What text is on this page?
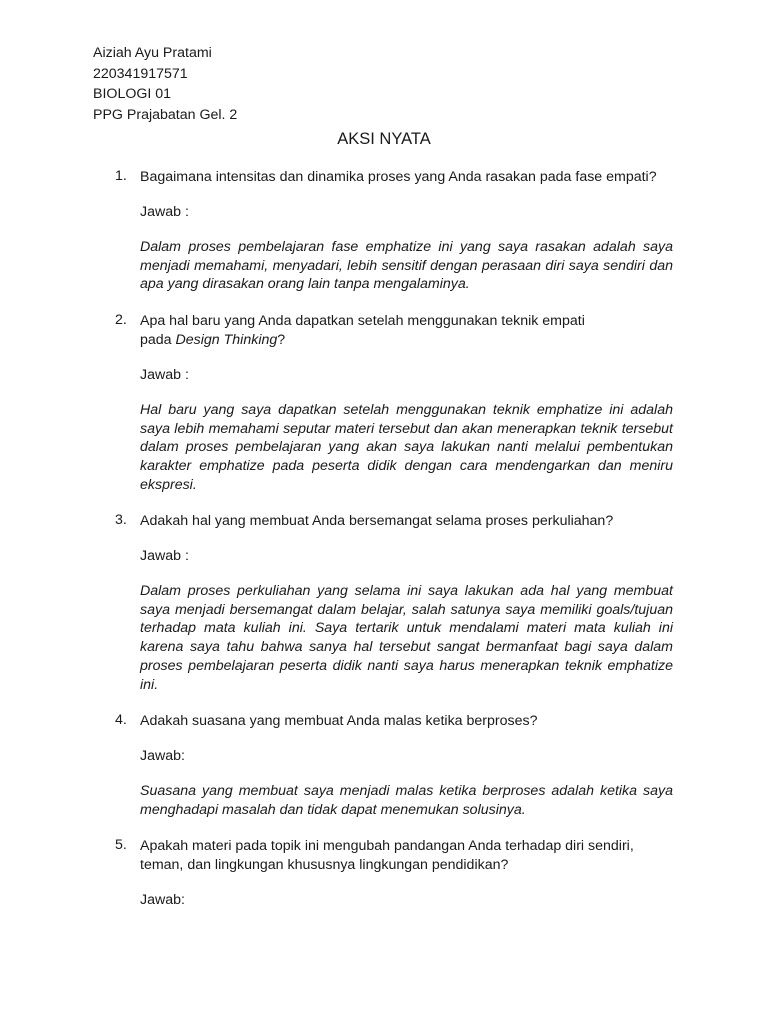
Aiziah Ayu Pratami
220341917571
BIOLOGI 01
PPG Prajabatan Gel. 2
AKSI NYATA
1. Bagaimana intensitas dan dinamika proses yang Anda rasakan pada fase empati?
Jawab :
Dalam proses pembelajaran fase emphatize ini yang saya rasakan adalah saya menjadi memahami, menyadari, lebih sensitif dengan perasaan diri saya sendiri dan apa yang dirasakan orang lain tanpa mengalaminya.
2. Apa hal baru yang Anda dapatkan setelah menggunakan teknik empati
pada Design Thinking?
Jawab :
Hal baru yang saya dapatkan setelah menggunakan teknik emphatize ini adalah saya lebih memahami seputar materi tersebut dan akan menerapkan teknik tersebut dalam proses pembelajaran yang akan saya lakukan nanti melalui pembentukan karakter emphatize pada peserta didik dengan cara mendengarkan dan meniru ekspresi.
3. Adakah hal yang membuat Anda bersemangat selama proses perkuliahan?
Jawab :
Dalam proses perkuliahan yang selama ini saya lakukan ada hal yang membuat saya menjadi bersemangat dalam belajar, salah satunya saya memiliki goals/tujuan terhadap mata kuliah ini. Saya tertarik untuk mendalami materi mata kuliah ini karena saya tahu bahwa sanya hal tersebut sangat bermanfaat bagi saya dalam proses pembelajaran peserta didik nanti saya harus menerapkan teknik emphatize ini.
4. Adakah suasana yang membuat Anda malas ketika berproses?
Jawab:
Suasana yang membuat saya menjadi malas ketika berproses adalah ketika saya menghadapi masalah dan tidak dapat menemukan solusinya.
5. Apakah materi pada topik ini mengubah pandangan Anda terhadap diri sendiri,
teman, dan lingkungan khususnya lingkungan pendidikan?
Jawab:
